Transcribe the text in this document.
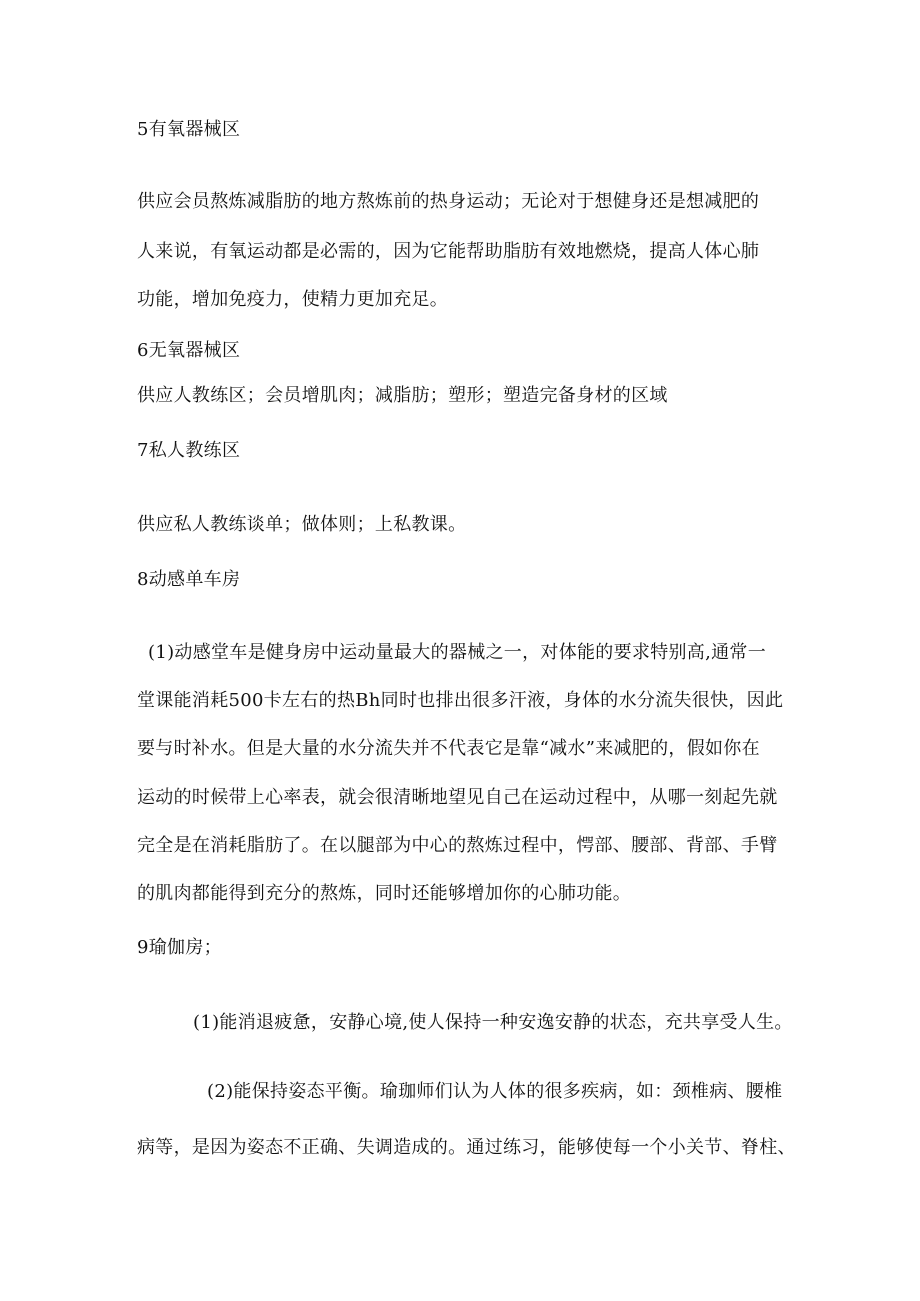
5有氧器械区
供应会员熬炼减脂肪的地方熬炼前的热身运动；无论对于想健身还是想减肥的
人来说，有氧运动都是必需的，因为它能帮助脂肪有效地燃烧，提高人体心肺
功能，增加免疫力，使精力更加充足。
6无氧器械区
供应人教练区；会员增肌肉；减脂肪；塑形；塑造完备身材的区域
7私人教练区
供应私人教练谈单；做体则；上私教课。
8动感单车房
(1)动感堂车是健身房中运动量最大的器械之一，对体能的要求特别高,通常一
堂课能消耗500卡左右的热Bh同时也排出很多汗液，身体的水分流失很快，因此
要与时补水。但是大量的水分流失并不代表它是靠“减水”来减肥的，假如你在
运动的时候带上心率表，就会很清晰地望见自己在运动过程中，从哪一刻起先就
完全是在消耗脂肪了。在以腿部为中心的熬炼过程中，愕部、腰部、背部、手臂
的肌肉都能得到充分的熬炼，同时还能够增加你的心肺功能。
9瑜伽房；
(1)能消退疲惫，安静心境,使人保持一种安逸安静的状态，充共享受人生。
(2)能保持姿态平衡。瑜珈师们认为人体的很多疾病，如：颈椎病、腰椎
病等，是因为姿态不正确、失调造成的。通过练习，能够使每一个小关节、脊柱、
